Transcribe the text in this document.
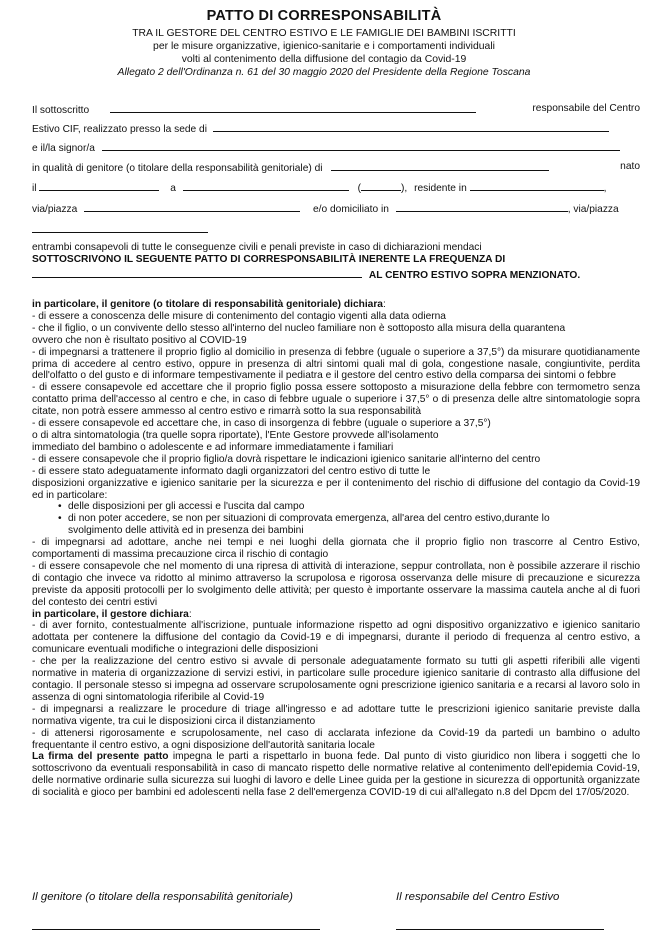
PATTO DI CORRESPONSABILITÀ
TRA IL GESTORE DEL CENTRO ESTIVO E LE FAMIGLIE DEI BAMBINI ISCRITTI
per le misure organizzative, igienico-sanitarie e i comportamenti individuali
volti al contenimento della diffusione del contagio da Covid-19
Allegato 2 dell'Ordinanza n. 61 del 30 maggio 2020 del Presidente della Regione Toscana
Il sottoscritto	responsabile del Centro
Estivo CIF, realizzato presso la sede di
e il/la signor/a
in qualità di genitore (o titolare della responsabilità genitoriale) di	nato
il	a	(	), residente in	,
via/piazza	e/o domiciliato in	, via/piazza
entrambi consapevoli di tutte le conseguenze civili e penali previste in caso di dichiarazioni mendaci
SOTTOSCRIVONO IL SEGUENTE PATTO DI CORRESPONSABILITÀ INERENTE LA FREQUENZA DI
AL CENTRO ESTIVO SOPRA MENZIONATO.

in particolare, il genitore (o titolare di responsabilità genitoriale) dichiara:

- di essere a conoscenza delle misure di contenimento del contagio vigenti alla data odierna

- che il figlio, o un convivente dello stesso all'interno del nucleo familiare non è sottoposto alla misura della quarantena

ovvero che non è risultato positivo al COVID-19

- di impegnarsi a trattenere il proprio figlio al domicilio in presenza di febbre (uguale o superiore a 37,5°) da misurare quotidianamente prima di accedere al centro estivo, oppure in presenza di altri sintomi quali mal di gola, congestione nasale, congiuntivite, perdita dell'olfatto o del gusto e di informare tempestivamente il pediatra e il gestore del centro estivo della comparsa dei sintomi o febbre

- di essere consapevole ed accettare che il proprio figlio possa essere sottoposto a misurazione della febbre con termometro senza contatto prima dell'accesso al centro e che, in caso di febbre uguale o superiore i 37,5° o di presenza delle altre sintomatologie sopra citate, non potrà essere ammesso al centro estivo e rimarrà sotto la sua responsabilità

- di essere consapevole ed accettare che, in caso di insorgenza di febbre (uguale o superiore a 37,5°)

o di altra sintomatologia (tra quelle sopra riportate), l'Ente Gestore provvede all'isolamento

immediato del bambino o adolescente e ad informare immediatamente i familiari

- di essere consapevole che il proprio figlio/a dovrà rispettare le indicazioni igienico sanitarie all'interno del centro

- di essere stato adeguatamente informato dagli organizzatori del centro estivo di tutte le

disposizioni organizzative e igienico sanitarie per la sicurezza e per il contenimento del rischio di diffusione del contagio da Covid-19 ed in particolare:

• delle disposizioni per gli accessi e l'uscita dal campo

• di non poter accedere, se non per situazioni di comprovata emergenza, all'area del centro estivo,durante lo

svolgimento delle attività ed in presenza dei bambini

- di impegnarsi ad adottare, anche nei tempi e nei luoghi della giornata che il proprio figlio non trascorre al Centro Estivo, comportamenti di massima precauzione circa il rischio di contagio

- di essere consapevole che nel momento di una ripresa di attività di interazione, seppur controllata, non è possibile azzerare il rischio di contagio che invece va ridotto al minimo attraverso la scrupolosa e rigorosa osservanza delle misure di precauzione e sicurezza previste da appositi protocolli per lo svolgimento delle attività; per questo è importante osservare la massima cautela anche al di fuori del contesto dei centri estivi

in particolare, il gestore dichiara:

- di aver fornito, contestualmente all'iscrizione, puntuale informazione rispetto ad ogni dispositivo organizzativo e igienico sanitario adottata per contenere la diffusione del contagio da Covid-19 e di impegnarsi, durante il periodo di frequenza al centro estivo, a comunicare eventuali modifiche o integrazioni delle disposizioni

- che per la realizzazione del centro estivo si avvale di personale adeguatamente formato su tutti gli aspetti riferibili alle vigenti normative in materia di organizzazione di servizi estivi, in particolare sulle procedure igienico sanitarie di contrasto alla diffusione del contagio. Il personale stesso si impegna ad osservare scrupolosamente ogni prescrizione igienico sanitaria e a recarsi al lavoro solo in assenza di ogni sintomatologia riferibile al Covid-19

- di impegnarsi a realizzare le procedure di triage all'ingresso e ad adottare tutte le prescrizioni igienico sanitarie previste dalla normativa vigente, tra cui le disposizioni circa il distanziamento

- di attenersi rigorosamente e scrupolosamente, nel caso di acclarata infezione da Covid-19 da partedi un bambino o adulto frequentante il centro estivo, a ogni disposizione dell'autorità sanitaria locale

La firma del presente patto impegna le parti a rispettarlo in buona fede. Dal punto di visto giuridico non libera i soggetti che lo sottoscrivono da eventuali responsabilità in caso di mancato rispetto delle normative relative al contenimento dell'epidemia Covid-19, delle normative ordinarie sulla sicurezza sui luoghi di lavoro e delle Linee guida per la gestione in sicurezza di opportunità organizzate di socialità e gioco per bambini ed adolescenti nella fase 2 dell'emergenza COVID-19 di cui all'allegato n.8 del Dpcm del 17/05/2020.

Il genitore (o titolare della responsabilità genitoriale)	Il responsabile del Centro Estivo
